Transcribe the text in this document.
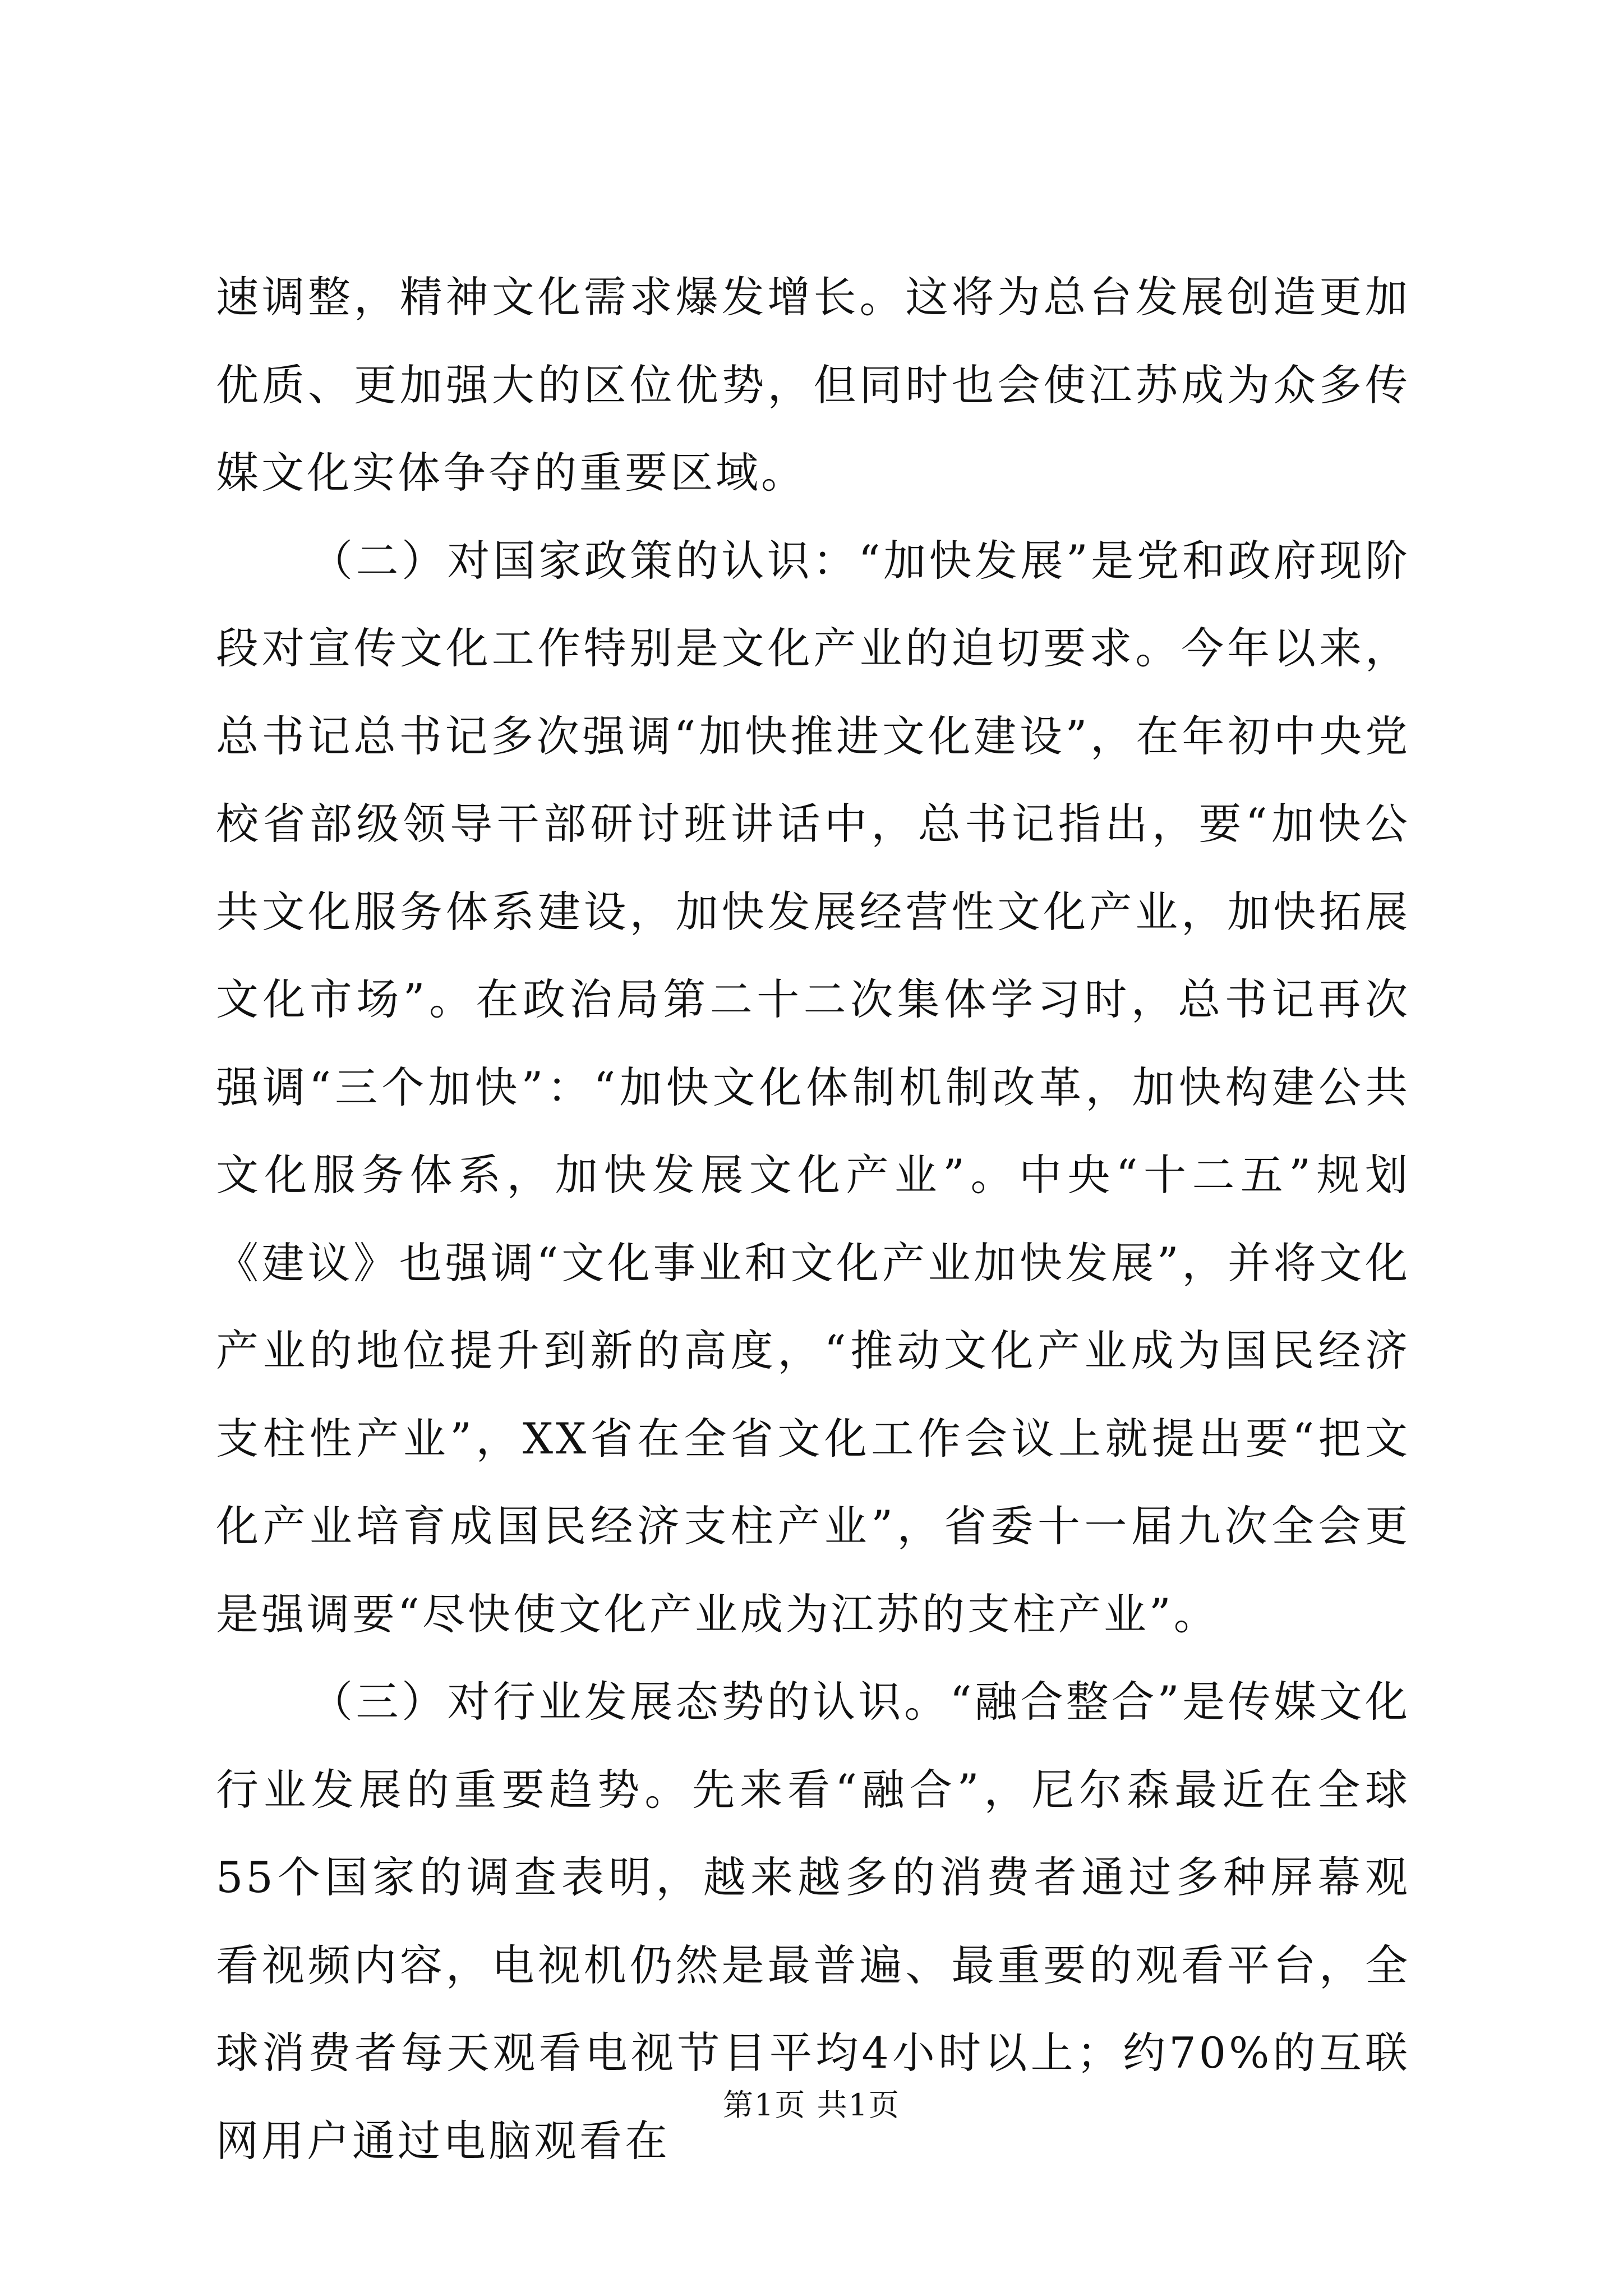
速调整，精神文化需求爆发增长。这将为总台发展创造更加优质、更加强大的区位优势，但同时也会使江苏成为众多传媒文化实体争夺的重要区域。

（二）对国家政策的认识：“加快发展”是党和政府现阶段对宣传文化工作特别是文化产业的迫切要求。今年以来，总书记总书记多次强调“加快推进文化建设”，在年初中央党校省部级领导干部研讨班讲话中，总书记指出，要“加快公共文化服务体系建设，加快发展经营性文化产业，加快拓展文化市场”。在政治局第二十二次集体学习时，总书记再次强调“三个加快”：“加快文化体制机制改革，加快构建公共文化服务体系，加快发展文化产业”。中央“十二五”规划《建议》也强调“文化事业和文化产业加快发展”，并将文化产业的地位提升到新的高度，“推动文化产业成为国民经济支柱性产业”，XX省在全省文化工作会议上就提出要“把文化产业培育成国民经济支柱产业”，省委十一届九次全会更是强调要“尽快使文化产业成为江苏的支柱产业”。

（三）对行业发展态势的认识。“融合整合”是传媒文化行业发展的重要趋势。先来看“融合”，尼尔森最近在全球55个国家的调查表明，越来越多的消费者通过多种屏幕观看视频内容，电视机仍然是最普遍、最重要的观看平台，全球消费者每天观看电视节目平均4小时以上；约70%的互联网用户通过电脑观看在

第1页 共1页
